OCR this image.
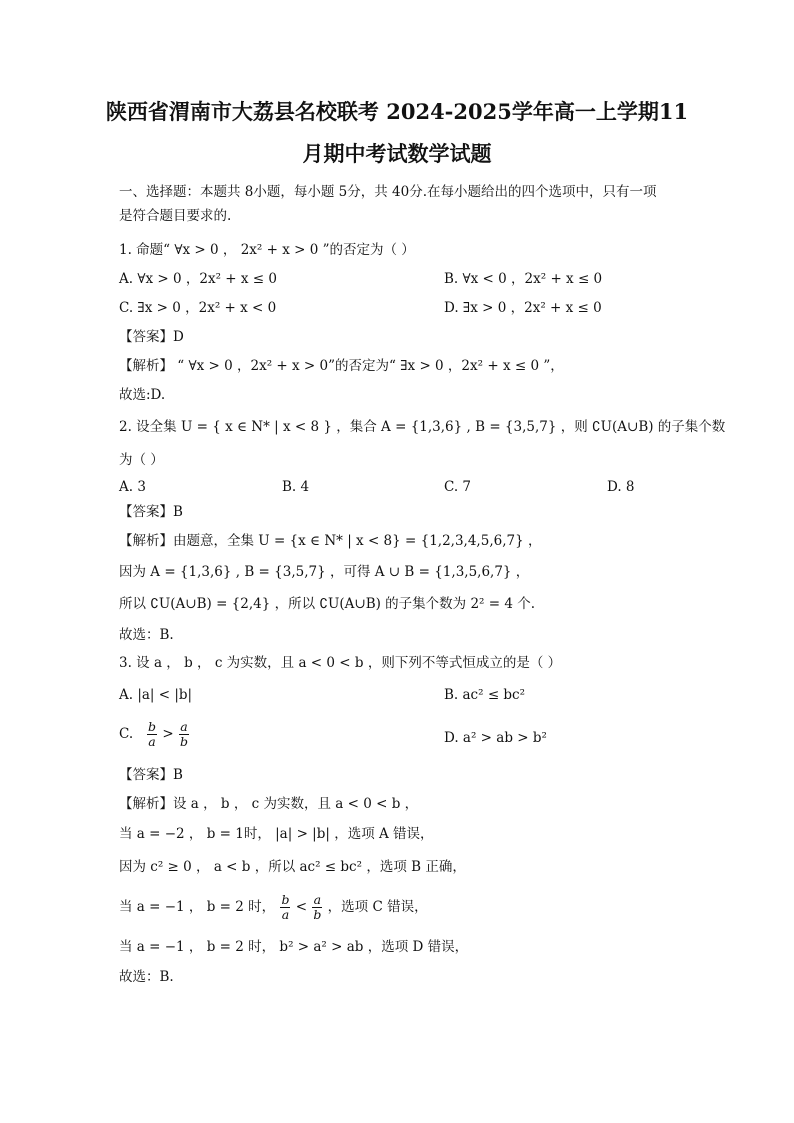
陕西省渭南市大荔县名校联考 2024-2025学年高一上学期11
月期中考试数学试题
一、选择题：本题共 8小题，每小题 5分，共 40分.在每小题给出的四个选项中，只有一项
是符合题目要求的.
1. 命题“ ∀x > 0 ， 2x² + x > 0 ”的否定为（ ）
A. ∀x > 0 ，2x² + x ≤ 0	B. ∀x < 0 ，2x² + x ≤ 0
C. ∃x > 0 ，2x² + x < 0	D. ∃x > 0 ，2x² + x ≤ 0
【答案】D
【解析】 “ ∀x > 0 ，2x² + x > 0”的否定为“ ∃x > 0 ，2x² + x ≤ 0 ”，
故选:D.
2. 设全集 U = { x ∈ N* | x < 8 } ，集合 A = {1,3,6} , B = {3,5,7} ，则 ∁U(A∪B) 的子集个数
为（ ）
A. 3	B. 4	C. 7	D. 8
【答案】B
【解析】由题意，全集 U = {x ∈ N* | x < 8} = {1,2,3,4,5,6,7} ，
因为 A = {1,3,6} , B = {3,5,7} ，可得 A ∪ B = {1,3,5,6,7} ，
所以 ∁U(A∪B) = {2,4} ，所以 ∁U(A∪B) 的子集个数为 2² = 4 个.
故选：B.
3. 设 a ， b ， c 为实数，且 a < 0 < b ，则下列不等式恒成立的是（ ）
A. |a| < |b|	B. ac² ≤ bc²
C. $\frac{b}{a} > \frac{a}{b}$	D. a² > ab > b²
【答案】B
【解析】设 a ， b ， c 为实数，且 a < 0 < b ，
当 a = −2 ， b = 1时， |a| > |b| ，选项 A 错误，
因为 c² ≥ 0 ， a < b ，所以 ac² ≤ bc² ，选项 B 正确，
当 a = −1 ， b = 2 时， $\frac{b}{a} < \frac{a}{b}$ ，选项 C 错误，
当 a = −1 ， b = 2 时， b² > a² > ab ，选项 D 错误，
故选：B.
